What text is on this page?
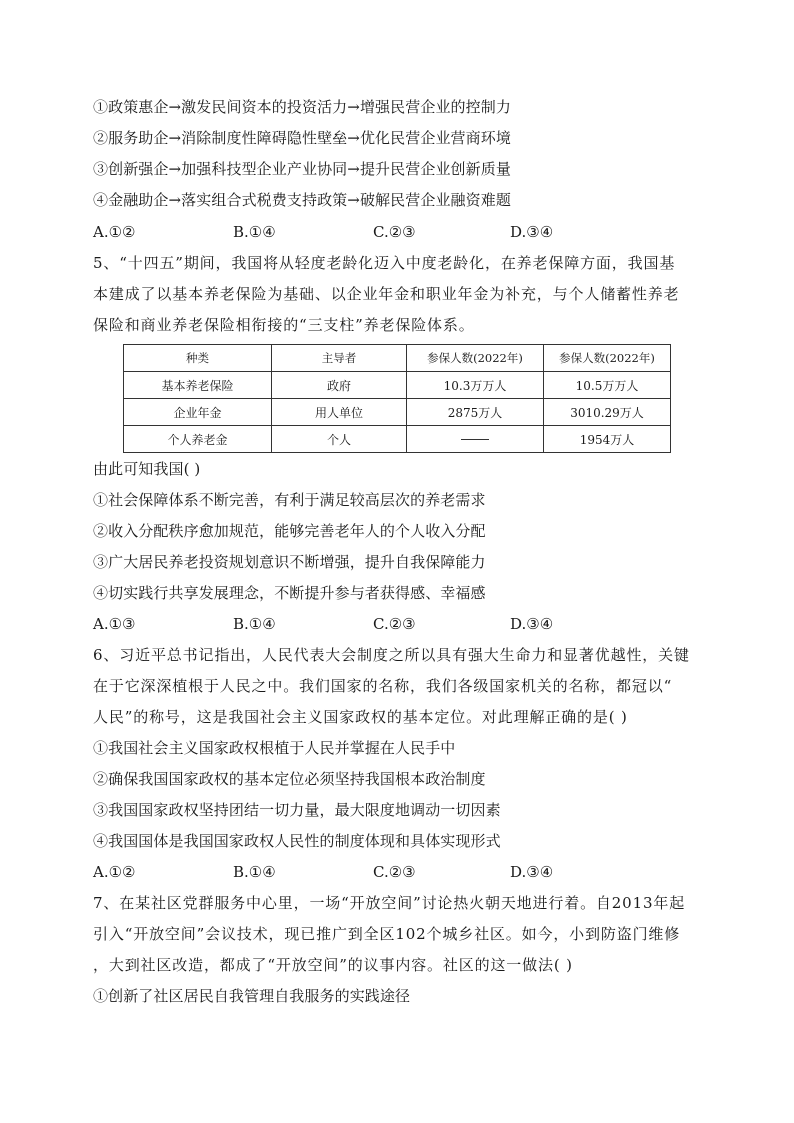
①政策惠企→激发民间资本的投资活力→增强民营企业的控制力
②服务助企→消除制度性障碍隐性壁垒→优化民营企业营商环境
③创新强企→加强科技型企业产业协同→提升民营企业创新质量
④金融助企→落实组合式税费支持政策→破解民营企业融资难题
A.①②	B.①④	C.②③	D.③④
5、“十四五”期间，我国将从轻度老龄化迈入中度老龄化，在养老保障方面，我国基
本建成了以基本养老保险为基础、以企业年金和职业年金为补充，与个人储蓄性养老
保险和商业养老保险相衔接的“三支柱”养老保险体系。
种类	主导者	参保人数(2022年)	参保人数(2022年)
基本养老保险	政府	10.3万万人	10.5万万人
企业年金	用人单位	2875万人	3010.29万人
个人养老金	个人		1954万人
由此可知我国( )
①社会保障体系不断完善，有利于满足较高层次的养老需求
②收入分配秩序愈加规范，能够完善老年人的个人收入分配
③广大居民养老投资规划意识不断增强，提升自我保障能力
④切实践行共享发展理念，不断提升参与者获得感、幸福感
A.①③	B.①④	C.②③	D.③④
6、习近平总书记指出，人民代表大会制度之所以具有强大生命力和显著优越性，关键
在于它深深植根于人民之中。我们国家的名称，我们各级国家机关的名称，都冠以“
人民”的称号，这是我国社会主义国家政权的基本定位。对此理解正确的是( )
①我国社会主义国家政权根植于人民并掌握在人民手中
②确保我国国家政权的基本定位必须坚持我国根本政治制度
③我国国家政权坚持团结一切力量，最大限度地调动一切因素
④我国国体是我国国家政权人民性的制度体现和具体实现形式
A.①②	B.①④	C.②③	D.③④
7、在某社区党群服务中心里，一场“开放空间”讨论热火朝天地进行着。自2013年起
引入“开放空间”会议技术，现已推广到全区102个城乡社区。如今，小到防盗门维修
，大到社区改造，都成了“开放空间”的议事内容。社区的这一做法( )
①创新了社区居民自我管理自我服务的实践途径
